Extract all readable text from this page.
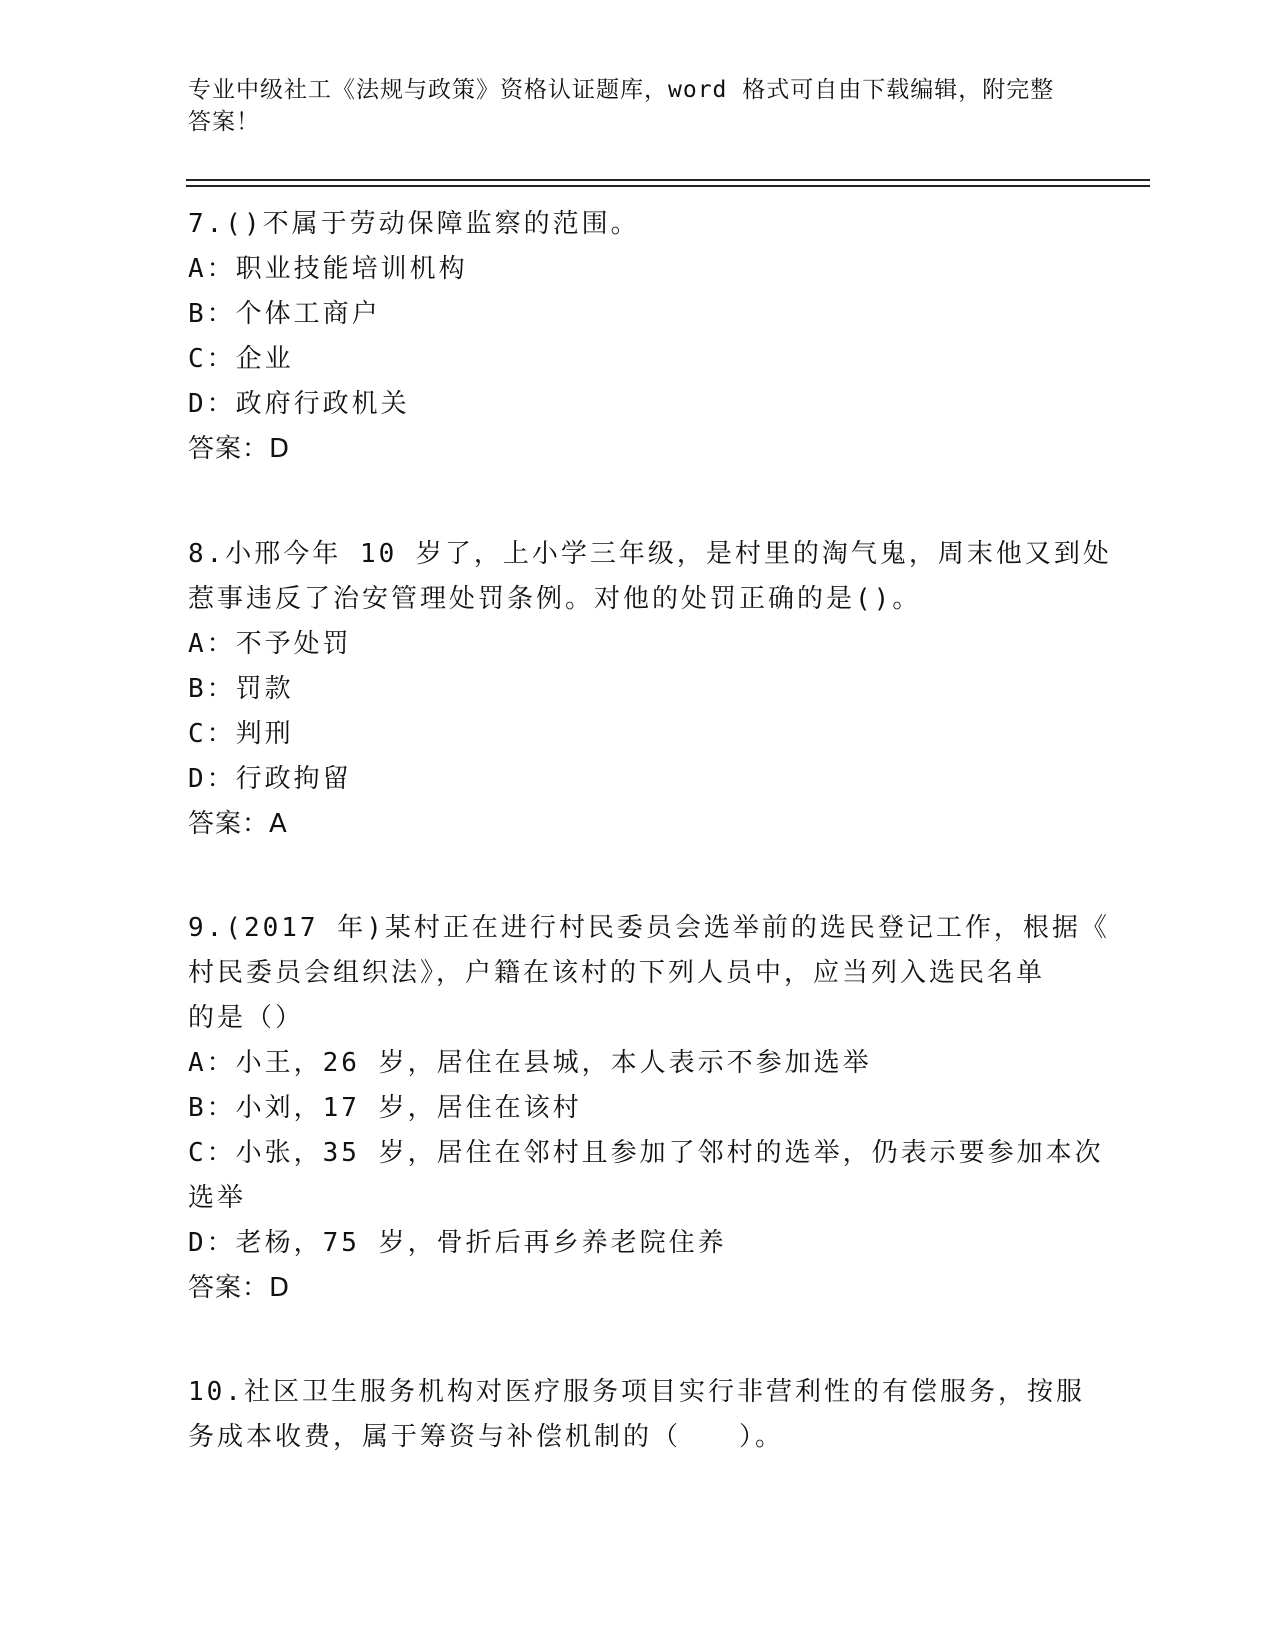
专业中级社工《法规与政策》资格认证题库，word 格式可自由下载编辑，附完整
答案！
7.()不属于劳动保障监察的范围。
A：职业技能培训机构
B：个体工商户
C：企业
D：政府行政机关
答案：D
8.小邢今年 10 岁了，上小学三年级，是村里的淘气鬼，周末他又到处
惹事违反了治安管理处罚条例。对他的处罚正确的是()。
A：不予处罚
B：罚款
C：判刑
D：行政拘留
答案：A
9.(2017 年)某村正在进行村民委员会选举前的选民登记工作，根据《
村民委员会组织法》，户籍在该村的下列人员中，应当列入选民名单
的是（）
A：小王，26 岁，居住在县城，本人表示不参加选举
B：小刘，17 岁，居住在该村
C：小张，35 岁，居住在邻村且参加了邻村的选举，仍表示要参加本次
选举
D：老杨，75 岁，骨折后再乡养老院住养
答案：D
10.社区卫生服务机构对医疗服务项目实行非营利性的有偿服务，按服
务成本收费，属于筹资与补偿机制的（　　）。
